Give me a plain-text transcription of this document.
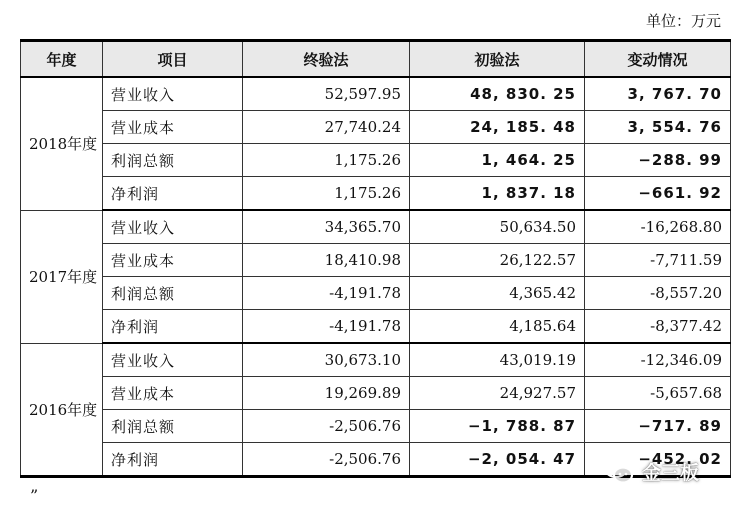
单位：万元
年度	项目	终验法	初验法	变动情况
2018年度	营业收入	52,597.95	48, 830. 25	3, 767. 70
	营业成本	27,740.24	24, 185. 48	3, 554. 76
	利润总额	1,175.26	1, 464. 25	−288. 99
	净利润	1,175.26	1, 837. 18	−661. 92
2017年度	营业收入	34,365.70	50,634.50	-16,268.80
	营业成本	18,410.98	26,122.57	-7,711.59
	利润总额	-4,191.78	4,365.42	-8,557.20
	净利润	-4,191.78	4,185.64	-8,377.42
2016年度	营业收入	30,673.10	43,019.19	-12,346.09
	营业成本	19,269.89	24,927.57	-5,657.68
	利润总额	-2,506.76	−1, 788. 87	−717. 89
	净利润	-2,506.76	−2, 054. 47	−452. 02
”
金三板
